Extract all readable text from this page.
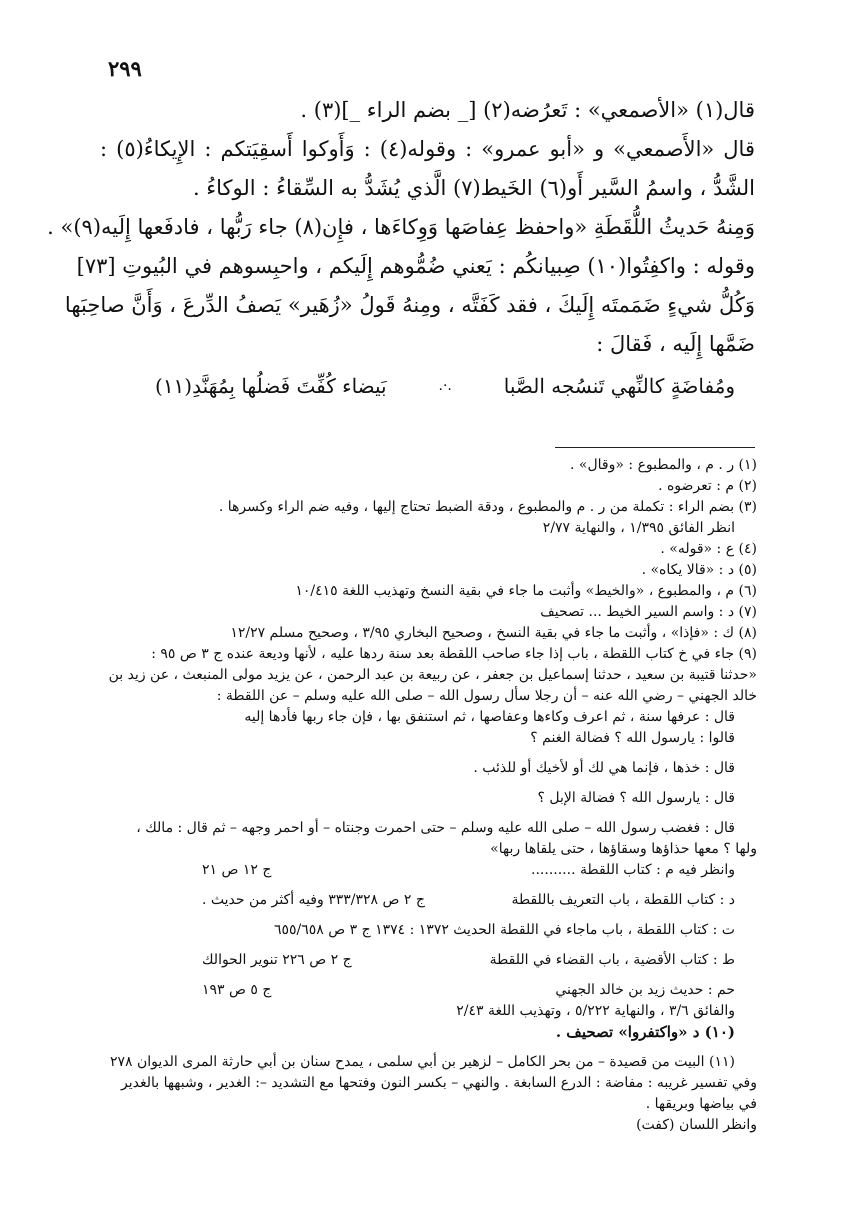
٢٩٩
قال(١) «الأصمعي» : تَعرُضه(٢) [_ بضم الراء _](٣) .
قال «الأَصمعي» و «أبو عمرو» : وقوله(٤) : وَأَوكوا أَسقِيَتكم : الإِيكاءُ(٥) :
الشَّدُّ ، واسمُ السَّير أَو(٦) الخَيط(٧) الَّذي يُشَدُّ به السِّقاءُ : الوكاءُ .
وَمِنهُ حَديثُ اللُّقَطَةِ «واحفظ عِفاصَها وَوِكاءَها ، فإِن(٨) جاء رَبُّها ، فادفَعها إِلَيه(٩)» .
وقوله : واكفِتُوا(١٠) صِبيانكُم : يَعني ضُمُّوهم إِلَيكم ، واحبِسوهم في البُيوتِ [٧٣]
وَكُلُّ شيءٍ ضَمَمتَه إِلَيكَ ، فقد كَفَتَّه ، ومِنهُ قَولُ «زُهَير» يَصفُ الدِّرعَ ، وَأَنَّ صاحِبَها
ضَمَّها إِلَيه ، فَقالَ :
ومُفاضَةٍ كالنِّهي تَنسُجه الصَّبا
.·.
بَيضاء كُفِّتَ فَضلُها بِمُهَنَّدِ(١١)
(١) ر . م ، والمطبوع : «وقال» .
(٢) م : تعرضوه .
(٣) بضم الراء : تكملة من ر . م والمطبوع ، ودقة الضبط تحتاج إليها ، وفيه ضم الراء وكسرها .
انظر الفائق ١/٣٩٥ ، والنهاية ٢/٧٧
(٤) ع : «قوله» .
(٥) د : «قالا يكاه» .
(٦) م ، والمطبوع ، «والخيط» وأثبت ما جاء في بقية النسخ وتهذيب اللغة ١٠/٤١٥
(٧) د : واسم السير الخيط ... تصحيف
(٨) ك : «فإذا» ، وأثبت ما جاء في بقية النسخ ، وصحيح البخاري ٣/٩٥ ، وصحيح مسلم ١٢/٢٧
(٩) جاء في خ كتاب اللقطة ، باب إذا جاء صاحب اللقطة بعد سنة ردها عليه ، لأنها وديعة عنده ج ٣ ص ٩٥ :
«حدثنا قتيبة بن سعيد ، حدثنا إسماعيل بن جعفر ، عن ربيعة بن عبد الرحمن ، عن يزيد مولى المنبعث ، عن زيد بن
خالد الجهني – رضي الله عنه – أن رجلا سأل رسول الله – صلى الله عليه وسلم – عن اللقطة :
قال : عرفها سنة ، ثم اعرف وكاءها وعفاصها ، ثم استنفق بها ، فإن جاء ربها فأدها إليه
قالوا : يارسول الله ؟ فضالة الغنم ؟
قال : خذها ، فإنما هي لك أو لأخيك أو للذئب .
قال : يارسول الله ؟ فضالة الإبل ؟
قال : فغضب رسول الله – صلى الله عليه وسلم – حتى احمرت وجنتاه – أو احمر وجهه – ثم قال : مالك ،
ولها ؟ معها حذاؤها وسقاؤها ، حتى يلقاها ربها»
وانظر فيه م : كتاب اللقطة ..........
ج ١٢ ص ٢١
د : كتاب اللقطة ، باب التعريف باللقطة
ج ٢ ص ٣٣٣/٣٢٨ وفيه أكثر من حديث .
ت : كتاب اللقطة ، باب ماجاء في اللقطة الحديث ١٣٧٢ : ١٣٧٤ ج ٣ ص ٦٥٥/٦٥٨
ط : كتاب الأقضية ، باب القضاء في اللقطة
ج ٢ ص ٢٢٦ تنوير الحوالك
حم : حديث زيد بن خالد الجهني
ج ٥ ص ١٩٣
والفائق ٣/٦ ، والنهاية ٥/٢٢٢ ، وتهذيب اللغة ٢/٤٣
(١٠) د «واكتفروا» تصحيف .
(١١) البيت من قصيدة – من بحر الكامل – لزهير بن أبي سلمى ، يمدح سنان بن أبي حارثة المرى الديوان ٢٧٨
وفي تفسير غريبه : مفاضة : الدرع السابغة . والنهي – بكسر النون وفتحها مع التشديد –: الغدير ، وشبهها بالغدير
في بياضها وبريقها .
وانظر اللسان (كفت)
